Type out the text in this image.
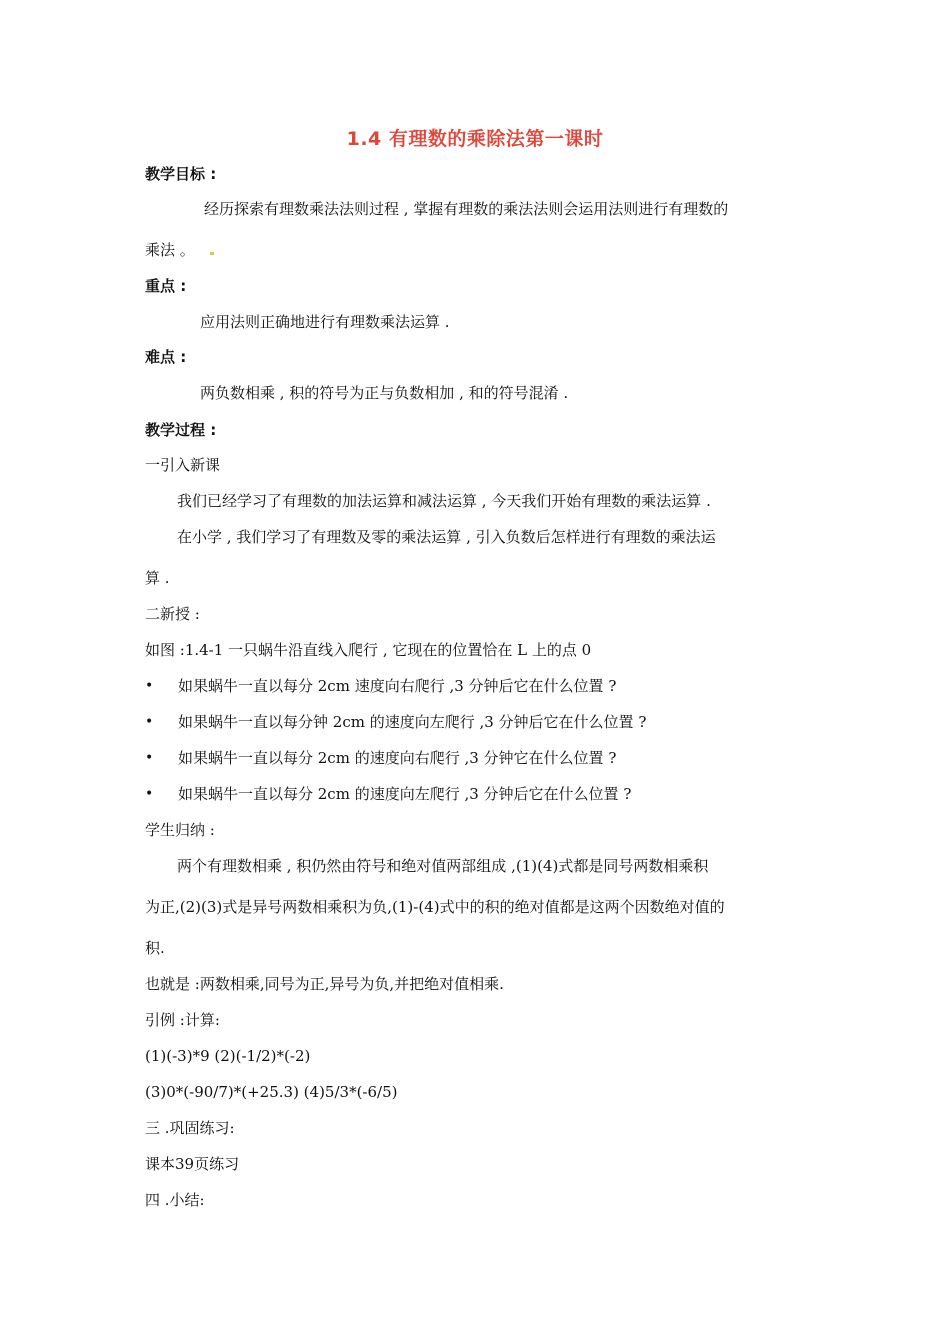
1.4 有理数的乘除法第一课时
教学目标 :
经历探索有理数乘法法则过程 , 掌握有理数的乘法法则会运用法则进行有理数的
乘法 。
重点 :
应用法则正确地进行有理数乘法运算 .
难点 :
两负数相乘 , 积的符号为正与负数相加 , 和的符号混淆 .
教学过程 :
一引入新课
我们已经学习了有理数的加法运算和减法运算 , 今天我们开始有理数的乘法运算 .
在小学 , 我们学习了有理数及零的乘法运算 , 引入负数后怎样进行有理数的乘法运
算 .
二新授 :
如图 :1.4-1 一只蜗牛沿直线入爬行 , 它现在的位置恰在 L 上的点 0
• 如果蜗牛一直以每分 2cm 速度向右爬行 ,3 分钟后它在什么位置 ?
• 如果蜗牛一直以每分钟 2cm 的速度向左爬行 ,3 分钟后它在什么位置 ?
• 如果蜗牛一直以每分 2cm 的速度向右爬行 ,3 分钟它在什么位置 ?
• 如果蜗牛一直以每分 2cm 的速度向左爬行 ,3 分钟后它在什么位置 ?
学生归纳 :
两个有理数相乘 , 积仍然由符号和绝对值两部组成 ,(1)(4)式都是同号两数相乘积
为正,(2)(3)式是异号两数相乘积为负,(1)-(4)式中的积的绝对值都是这两个因数绝对值的
积.
也就是 :两数相乘,同号为正,异号为负,并把绝对值相乘.
引例 :计算:
(1)(-3)*9 (2)(-1/2)*(-2)
(3)0*(-90/7)*(+25.3) (4)5/3*(-6/5)
三 .巩固练习:
课本39页练习
四 .小结:
